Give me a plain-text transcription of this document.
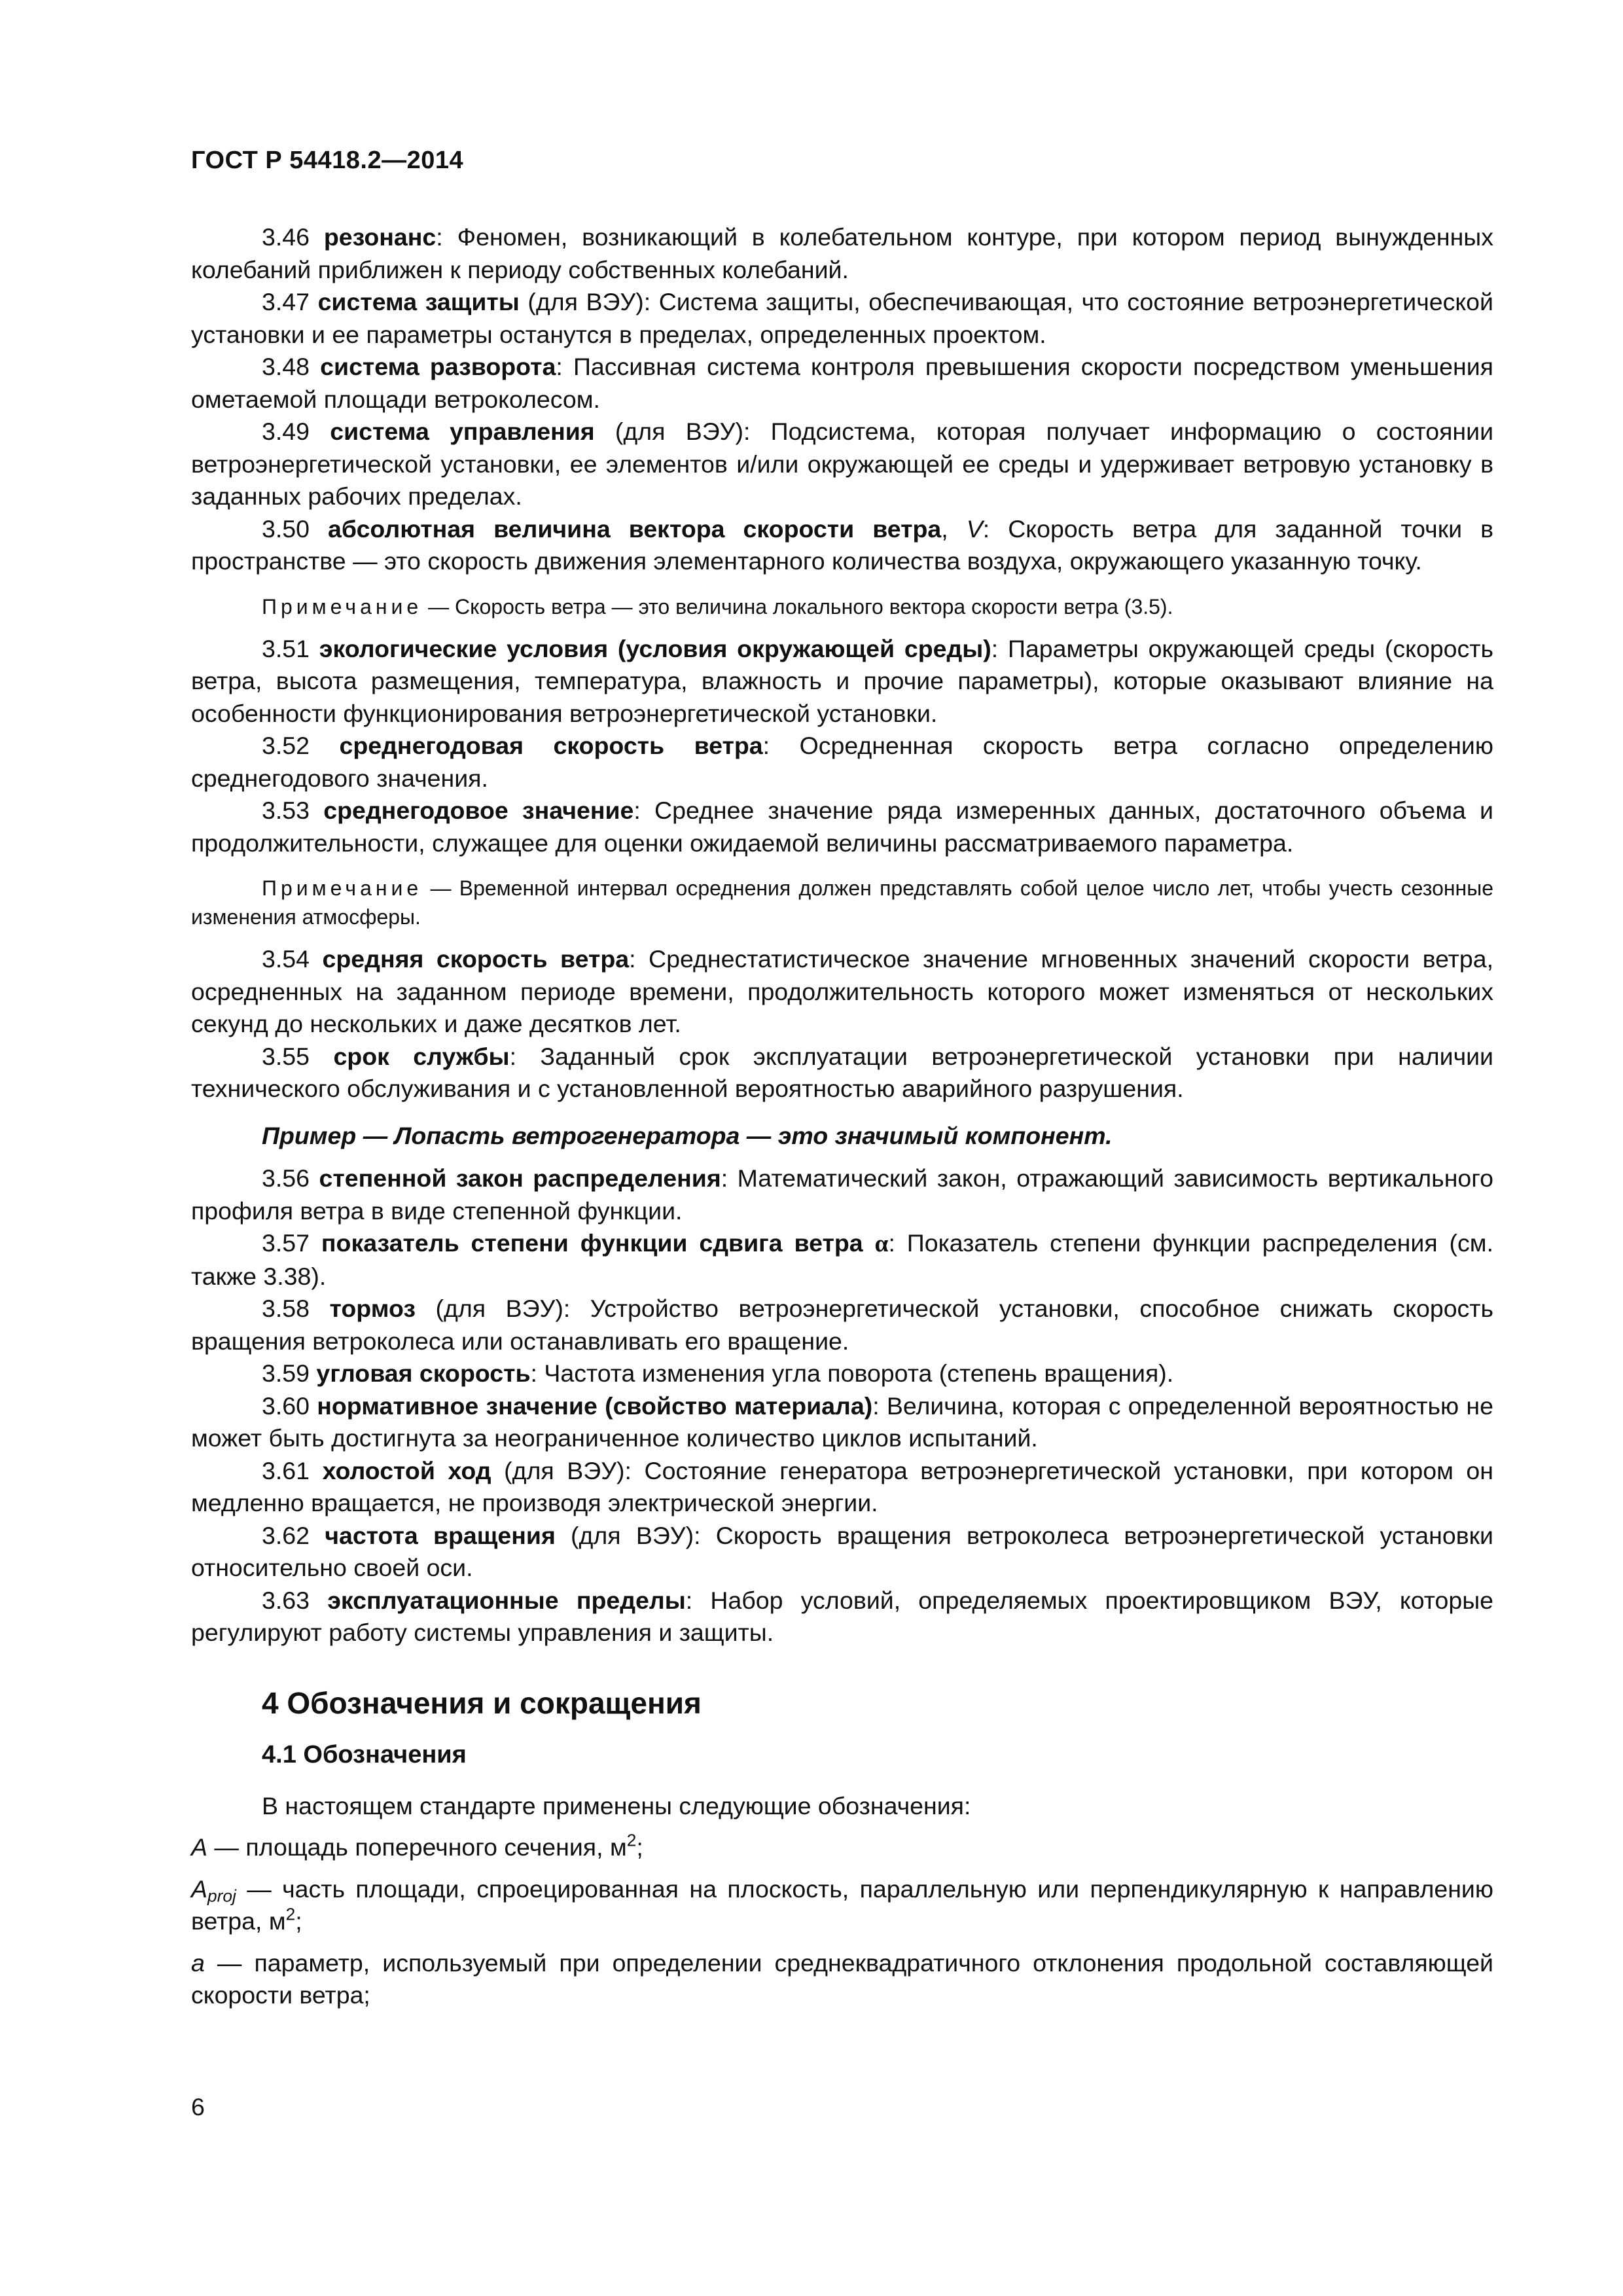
ГОСТ Р 54418.2—2014

3.46 резонанс: Феномен, возникающий в колебательном контуре, при котором период вынужденных колебаний приближен к периоду собственных колебаний.

3.47 система защиты (для ВЭУ): Система защиты, обеспечивающая, что состояние ветроэнергетической установки и ее параметры останутся в пределах, определенных проектом.

3.48 система разворота: Пассивная система контроля превышения скорости посредством уменьшения ометаемой площади ветроколесом.

3.49 система управления (для ВЭУ): Подсистема, которая получает информацию о состоянии ветроэнергетической установки, ее элементов и/или окружающей ее среды и удерживает ветровую установку в заданных рабочих пределах.

3.50 абсолютная величина вектора скорости ветра, V: Скорость ветра для заданной точки в пространстве — это скорость движения элементарного количества воздуха, окружающего указанную точку.

Примечание — Скорость ветра — это величина локального вектора скорости ветра (3.5).

3.51 экологические условия (условия окружающей среды): Параметры окружающей среды (скорость ветра, высота размещения, температура, влажность и прочие параметры), которые оказывают влияние на особенности функционирования ветроэнергетической установки.

3.52 среднегодовая скорость ветра: Осредненная скорость ветра согласно определению среднегодового значения.

3.53 среднегодовое значение: Среднее значение ряда измеренных данных, достаточного объема и продолжительности, служащее для оценки ожидаемой величины рассматриваемого параметра.

Примечание — Временной интервал осреднения должен представлять собой целое число лет, чтобы учесть сезонные изменения атмосферы.

3.54 средняя скорость ветра: Среднестатистическое значение мгновенных значений скорости ветра, осредненных на заданном периоде времени, продолжительность которого может изменяться от нескольких секунд до нескольких и даже десятков лет.

3.55 срок службы: Заданный срок эксплуатации ветроэнергетической установки при наличии технического обслуживания и с установленной вероятностью аварийного разрушения.

Пример — Лопасть ветрогенератора — это значимый компонент.

3.56 степенной закон распределения: Математический закон, отражающий зависимость вертикального профиля ветра в виде степенной функции.

3.57 показатель степени функции сдвига ветра α: Показатель степени функции распределения (см. также 3.38).

3.58 тормоз (для ВЭУ): Устройство ветроэнергетической установки, способное снижать скорость вращения ветроколеса или останавливать его вращение.

3.59 угловая скорость: Частота изменения угла поворота (степень вращения).

3.60 нормативное значение (свойство материала): Величина, которая с определенной вероятностью не может быть достигнута за неограниченное количество циклов испытаний.

3.61 холостой ход (для ВЭУ): Состояние генератора ветроэнергетической установки, при котором он медленно вращается, не производя электрической энергии.

3.62 частота вращения (для ВЭУ): Скорость вращения ветроколеса ветроэнергетической установки относительно своей оси.

3.63 эксплуатационные пределы: Набор условий, определяемых проектировщиком ВЭУ, которые регулируют работу системы управления и защиты.

4 Обозначения и сокращения
4.1 Обозначения

В настоящем стандарте применены следующие обозначения:

A — площадь поперечного сечения, $м^2$;

$A_{proj}$ — часть площади, спроецированная на плоскость, параллельную или перпендикулярную к направлению ветра, $м^2$;

a — параметр, используемый при определении среднеквадратичного отклонения продольной составляющей скорости ветра;

6
